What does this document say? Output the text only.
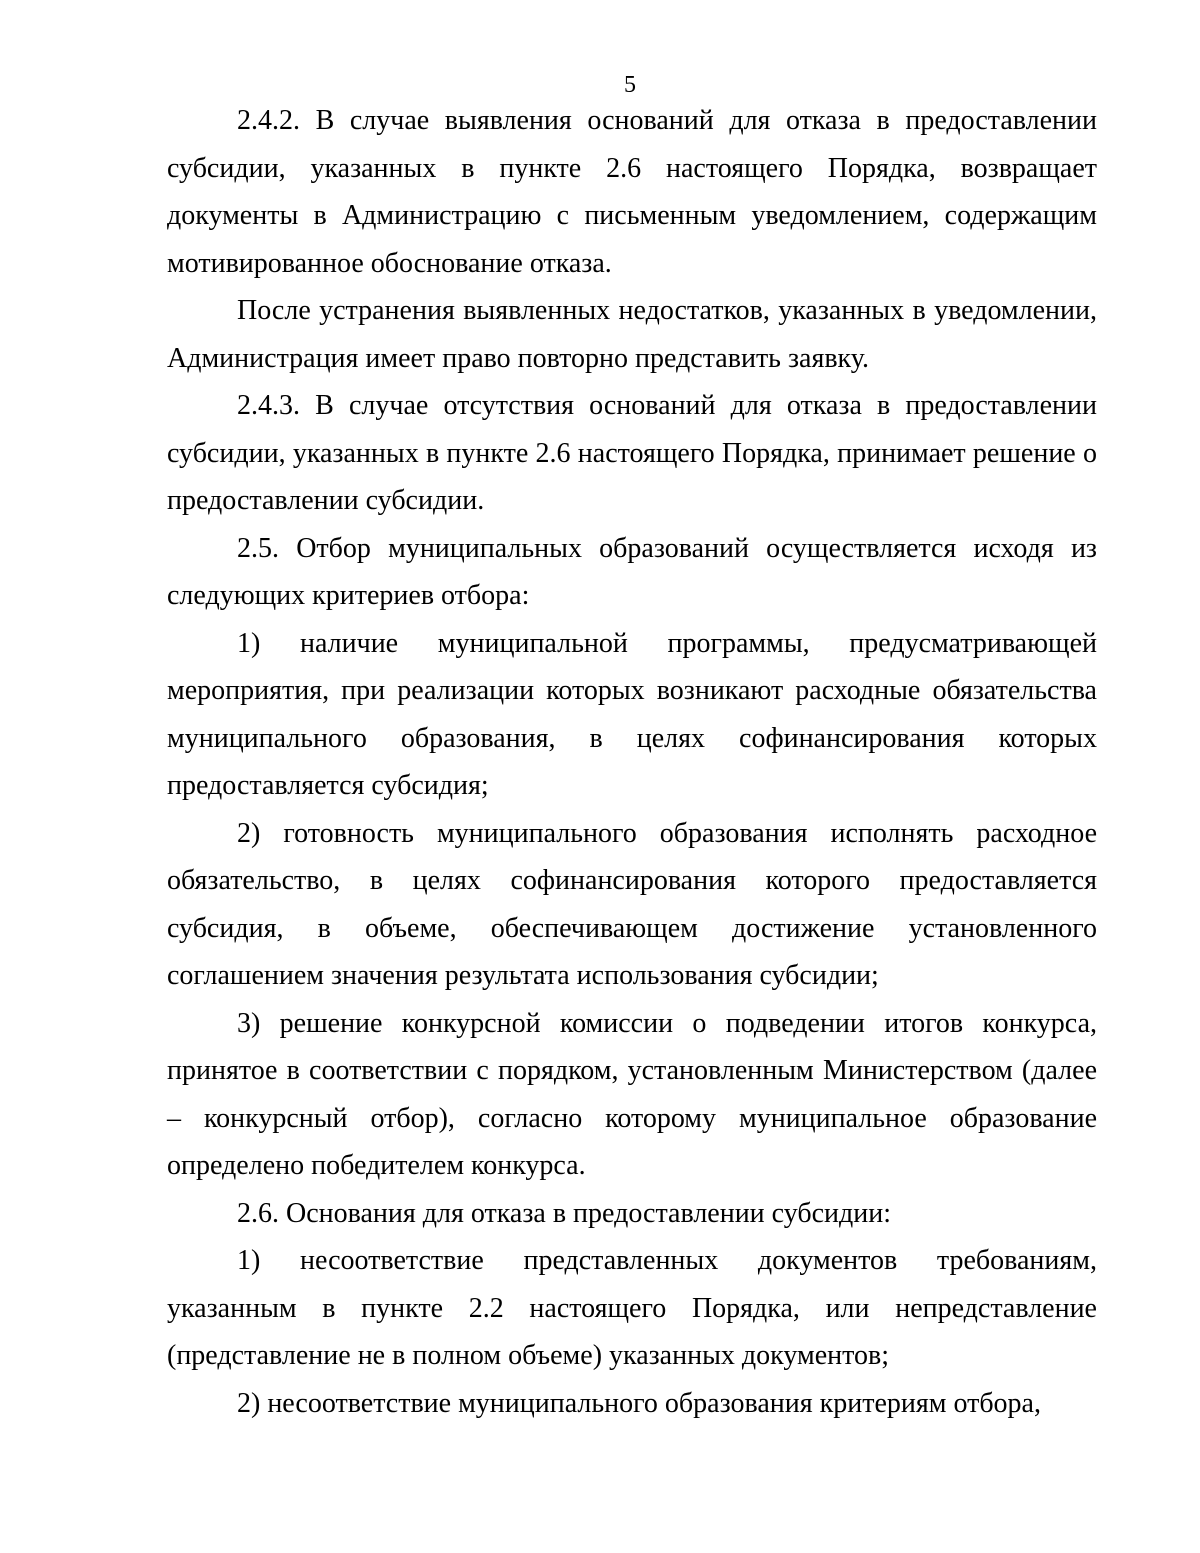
5

2.4.2. В случае выявления оснований для отказа в предоставлении субсидии, указанных в пункте 2.6 настоящего Порядка, возвращает документы в Администрацию с письменным уведомлением, содержащим мотивированное обоснование отказа.

После устранения выявленных недостатков, указанных в уведомлении, Администрация имеет право повторно представить заявку.

2.4.3. В случае отсутствия оснований для отказа в предоставлении субсидии, указанных в пункте 2.6 настоящего Порядка, принимает решение о предоставлении субсидии.

2.5. Отбор муниципальных образований осуществляется исходя из следующих критериев отбора:

1) наличие муниципальной программы, предусматривающей мероприятия, при реализации которых возникают расходные обязательства муниципального образования, в целях софинансирования которых предоставляется субсидия;

2) готовность муниципального образования исполнять расходное обязательство, в целях софинансирования которого предоставляется субсидия, в объеме, обеспечивающем достижение установленного соглашением значения результата использования субсидии;

3) решение конкурсной комиссии о подведении итогов конкурса, принятое в соответствии с порядком, установленным Министерством (далее – конкурсный отбор), согласно которому муниципальное образование определено победителем конкурса.

2.6. Основания для отказа в предоставлении субсидии:

1) несоответствие представленных документов требованиям, указанным в пункте 2.2 настоящего Порядка, или непредставление (представление не в полном объеме) указанных документов;

2) несоответствие муниципального образования критериям отбора,
